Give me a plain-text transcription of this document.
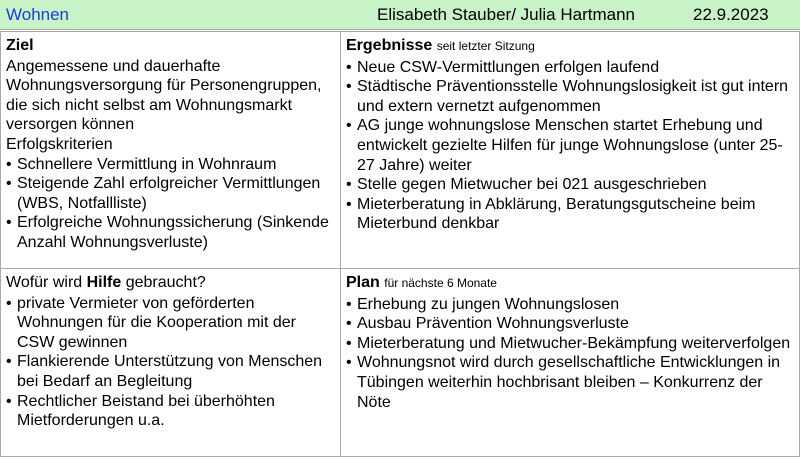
Wohnen	Elisabeth Stauber/ Julia Hartmann	22.9.2023
Ziel

Angemessene und dauerhafte Wohnungsversorgung für Personengruppen, die sich nicht selbst am Wohnungsmarkt versorgen können

Erfolgskriterien

• Schnellere Vermittlung in Wohnraum
• Steigende Zahl erfolgreicher Vermittlungen (WBS, Notfallliste)
• Erfolgreiche Wohnungssicherung (Sinkende Anzahl Wohnungsverluste)
Ergebnisse seit letzter Sitzung
• Neue CSW-Vermittlungen erfolgen laufend
• Städtische Präventionsstelle Wohnungslosigkeit ist gut intern und extern vernetzt aufgenommen
• AG junge wohnungslose Menschen startet Erhebung und entwickelt gezielte Hilfen für junge Wohnungslose (unter 25-27 Jahre) weiter
• Stelle gegen Mietwucher bei 021 ausgeschrieben
• Mieterberatung in Abklärung, Beratungsgutscheine beim Mieterbund denkbar
Wofür wird Hilfe gebraucht?
• private Vermieter von geförderten Wohnungen für die Kooperation mit der CSW gewinnen
• Flankierende Unterstützung von Menschen bei Bedarf an Begleitung
• Rechtlicher Beistand bei überhöhten Mietforderungen u.a.
Plan für nächste 6 Monate
• Erhebung zu jungen Wohnungslosen
• Ausbau Prävention Wohnungsverluste
• Mieterberatung und Mietwucher-Bekämpfung weiterverfolgen
• Wohnungsnot wird durch gesellschaftliche Entwicklungen in Tübingen weiterhin hochbrisant bleiben – Konkurrenz der Nöte
